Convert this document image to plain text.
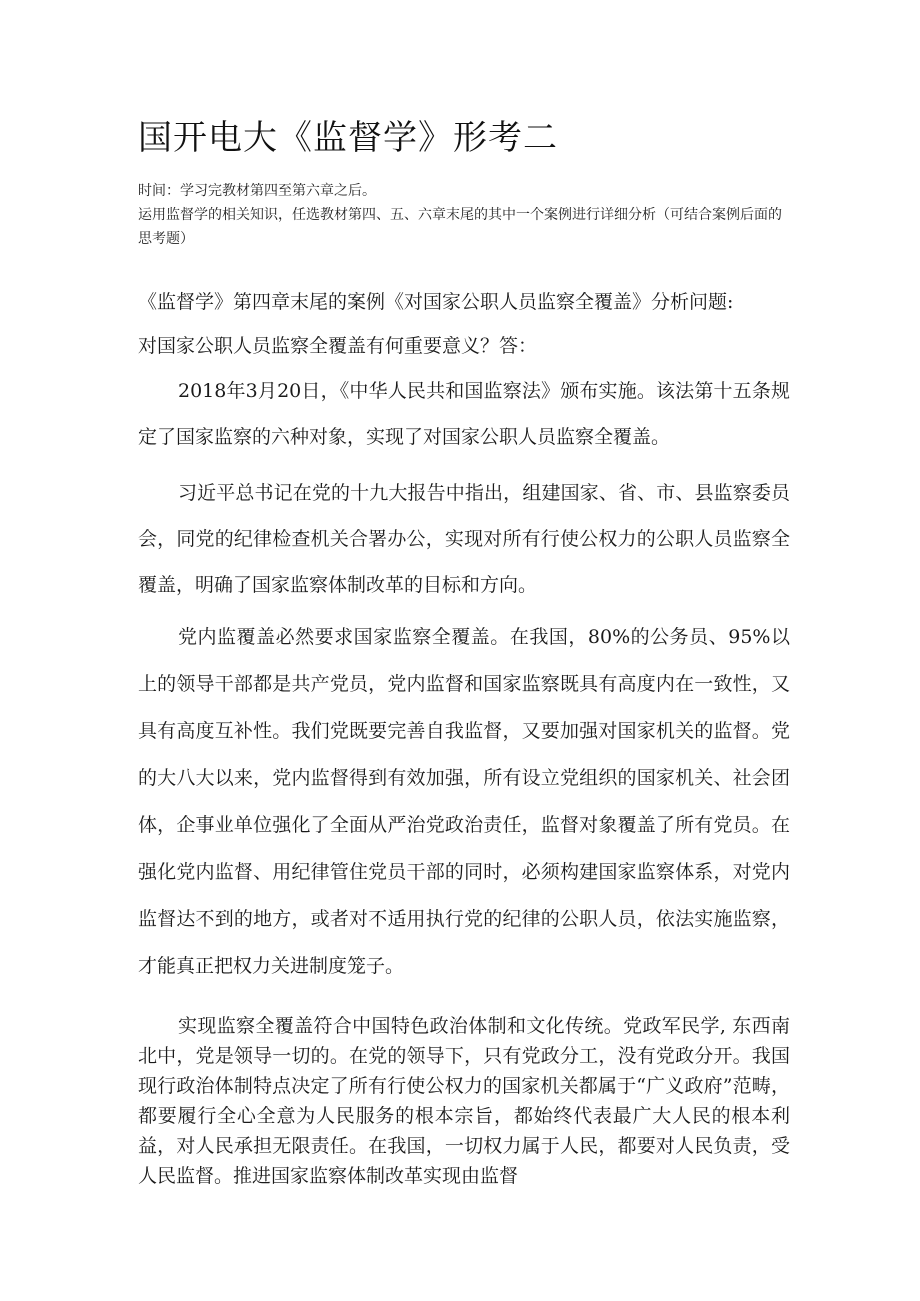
国开电大《监督学》形考二

时间：学习完教材第四至第六章之后。

运用监督学的相关知识，任选教材第四、五、六章末尾的其中一个案例进行详细分析（可结合案例后面的思考题）

《监督学》第四章末尾的案例《对国家公职人员监察全覆盖》分析问题:

对国家公职人员监察全覆盖有何重要意义？答：

2018年3月20日，《中华人民共和国监察法》颁布实施。该法第十五条规定了国家监察的六种对象，实现了对国家公职人员监察全覆盖。

习近平总书记在党的十九大报告中指出，组建国家、省、市、县监察委员会，同党的纪律检查机关合署办公，实现对所有行使公权力的公职人员监察全覆盖，明确了国家监察体制改革的目标和方向。

党内监覆盖必然要求国家监察全覆盖。在我国，80%的公务员、95%以上的领导干部都是共产党员，党内监督和国家监察既具有高度内在一致性，又具有高度互补性。我们党既要完善自我监督，又要加强对国家机关的监督。党的大八大以来，党内监督得到有效加强，所有设立党组织的国家机关、社会团体，企事业单位强化了全面从严治党政治责任，监督对象覆盖了所有党员。在强化党内监督、用纪律管住党员干部的同时，必须构建国家监察体系，对党内监督达不到的地方，或者对不适用执行党的纪律的公职人员，依法实施监察，才能真正把权力关进制度笼子。

实现监察全覆盖符合中国特色政治体制和文化传统。党政军民学, 东西南北中，党是领导一切的。在党的领导下，只有党政分工，没有党政分开。我国现行政治体制特点决定了所有行使公权力的国家机关都属于“广义政府”范畴，都要履行全心全意为人民服务的根本宗旨，都始终代表最广大人民的根本利益，对人民承担无限责任。在我国，一切权力属于人民，都要对人民负责，受人民监督。推进国家监察体制改革实现由监督
